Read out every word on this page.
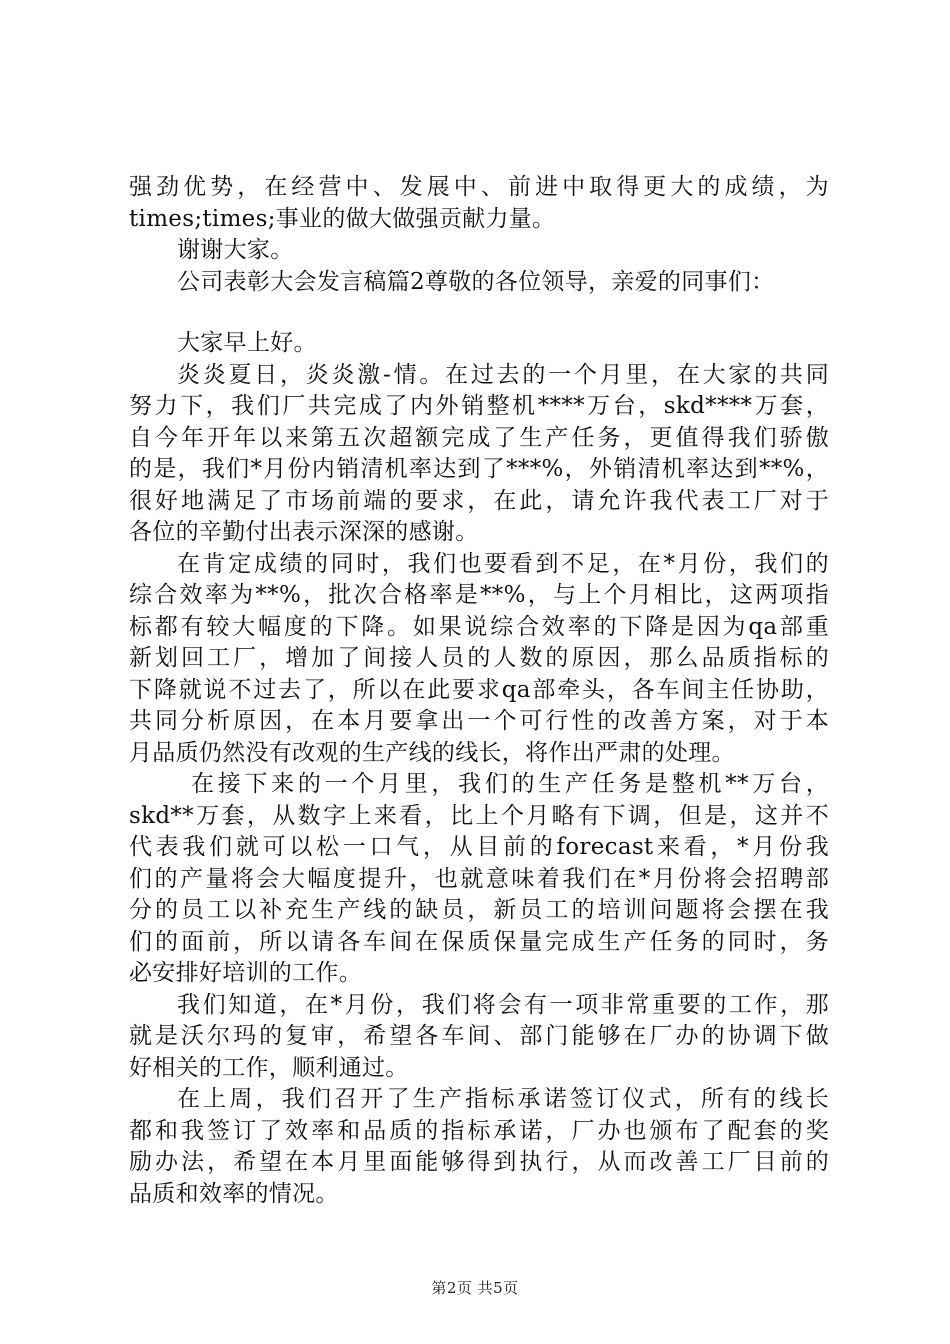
强劲优势，在经营中、发展中、前进中取得更大的成绩，为
times;times;事业的做大做强贡献力量。
谢谢大家。
公司表彰大会发言稿篇2尊敬的各位领导，亲爱的同事们：
大家早上好。
炎炎夏日，炎炎激-情。在过去的一个月里，在大家的共同
努力下，我们厂共完成了内外销整机****万台，skd****万套，
自今年开年以来第五次超额完成了生产任务，更值得我们骄傲
的是，我们*月份内销清机率达到了***%，外销清机率达到**%，
很好地满足了市场前端的要求，在此，请允许我代表工厂对于
各位的辛勤付出表示深深的感谢。
在肯定成绩的同时，我们也要看到不足，在*月份，我们的
综合效率为**%，批次合格率是**%，与上个月相比，这两项指
标都有较大幅度的下降。如果说综合效率的下降是因为qa部重
新划回工厂，增加了间接人员的人数的原因，那么品质指标的
下降就说不过去了，所以在此要求qa部牵头，各车间主任协助，
共同分析原因，在本月要拿出一个可行性的改善方案，对于本
月品质仍然没有改观的生产线的线长，将作出严肃的处理。
在接下来的一个月里，我们的生产任务是整机**万台，
skd**万套，从数字上来看，比上个月略有下调，但是，这并不
代表我们就可以松一口气，从目前的forecast来看，*月份我
们的产量将会大幅度提升，也就意味着我们在*月份将会招聘部
分的员工以补充生产线的缺员，新员工的培训问题将会摆在我
们的面前，所以请各车间在保质保量完成生产任务的同时，务
必安排好培训的工作。
我们知道，在*月份，我们将会有一项非常重要的工作，那
就是沃尔玛的复审，希望各车间、部门能够在厂办的协调下做
好相关的工作，顺利通过。
在上周，我们召开了生产指标承诺签订仪式，所有的线长
都和我签订了效率和品质的指标承诺，厂办也颁布了配套的奖
励办法，希望在本月里面能够得到执行，从而改善工厂目前的
品质和效率的情况。
第2页 共5页
